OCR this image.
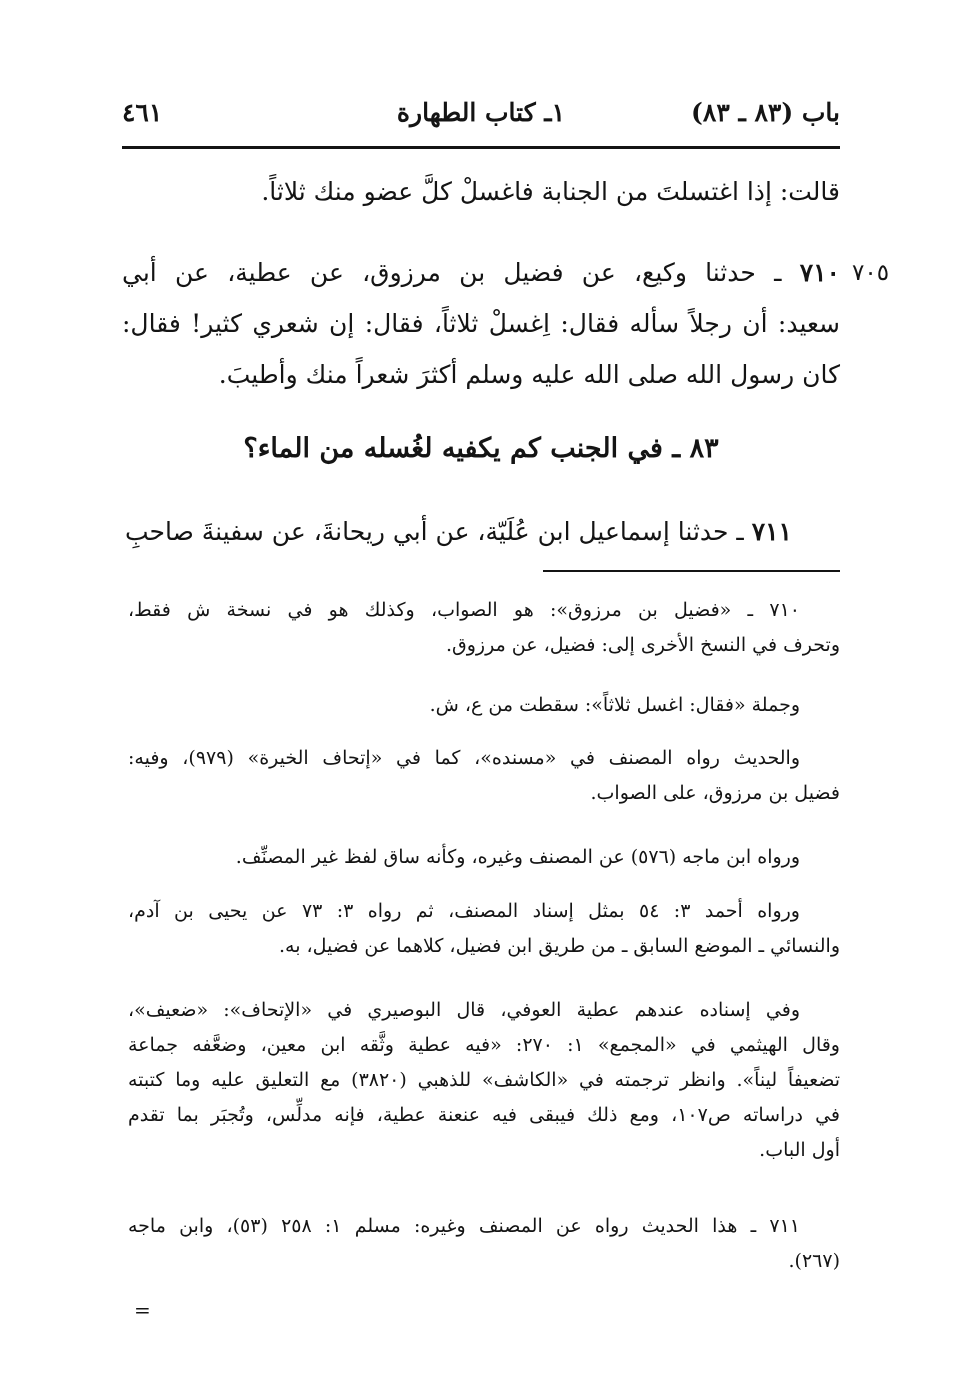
باب (٨٣ ـ ٨٣)
١ـ كتاب الطهارة
٤٦١
قالت: إذا اغتسلتَ من الجنابة فاغسلْ كلَّ عضو منك ثلاثاً.
٧٠٥
٧١٠ ـ حدثنا وكيع، عن فضيل بن مرزوق، عن عطية، عن أبي
سعيد: أن رجلاً سأله فقال: اِغسلْ ثلاثاً، فقال: إن شعري كثير! فقال:
كان رسول الله صلى الله عليه وسلم أكثرَ شعراً منك وأطيبَ.
٨٣ ـ في الجنب كم يكفيه لغُسله من الماء؟
٧١١ ـ حدثنا إسماعيل ابن عُلَيّة، عن أبي ريحانةَ، عن سفينةَ صاحبِ
٧١٠ ـ «فضيل بن مرزوق»: هو الصواب، وكذلك هو في نسخة ش فقط،
وتحرف في النسخ الأخرى إلى: فضيل، عن مرزوق.
وجملة «فقال: اغسل ثلاثاً»: سقطت من ع، ش.
والحديث رواه المصنف في «مسنده»، كما في «إتحاف الخيرة» (٩٧٩)، وفيه:
فضيل بن مرزوق، على الصواب.
ورواه ابن ماجه (٥٧٦) عن المصنف وغيره، وكأنه ساق لفظ غير المصنِّف.
ورواه أحمد ٣: ٥٤ بمثل إسناد المصنف، ثم رواه ٣: ٧٣ عن يحيى بن آدم،
والنسائي ـ الموضع السابق ـ من طريق ابن فضيل، كلاهما عن فضيل، به.
وفي إسناده عندهم عطية العوفي، قال البوصيري في «الإتحاف»: «ضعيف»،
وقال الهيثمي في «المجمع» ١: ٢٧٠: «فيه عطية وثَّقه ابن معين، وضعَّفه جماعة
تضعيفاً ليناً». وانظر ترجمته في «الكاشف» للذهبي (٣٨٢٠) مع التعليق عليه وما كتبته
في دراساته ص١٠٧، ومع ذلك فيبقى فيه عنعنة عطية، فإنه مدلِّس، وتُجبَر بما تقدم
أول الباب.
٧١١ ـ هذا الحديث رواه عن المصنف وغيره: مسلم ١: ٢٥٨ (٥٣)، وابن ماجه
(٢٦٧).
=
